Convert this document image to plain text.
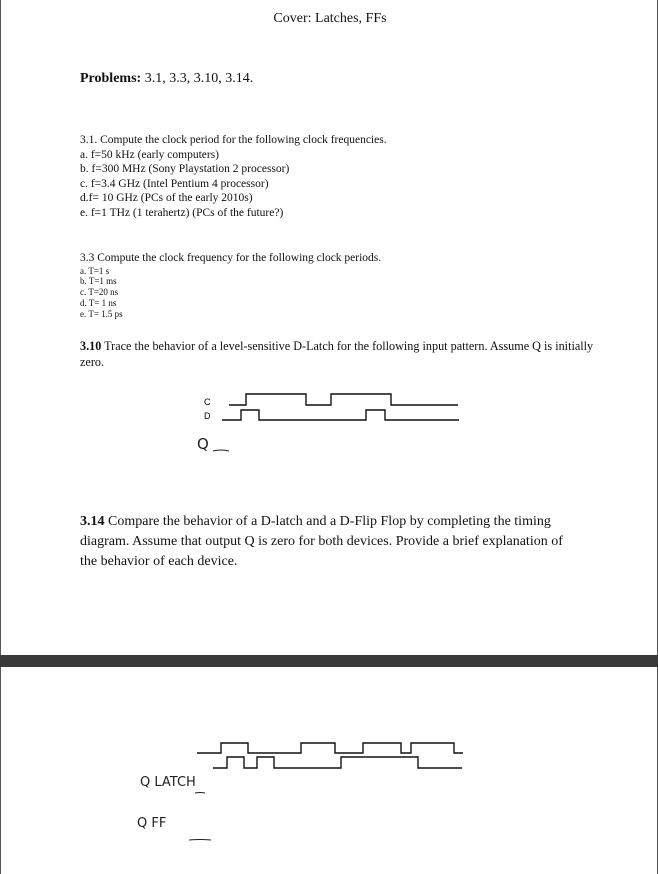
Cover: Latches, FFs
Problems: 3.1, 3.3, 3.10, 3.14.
3.1. Compute the clock period for the following clock frequencies.
a. f=50 kHz (early computers)
b. f=300 MHz (Sony Playstation 2 processor)
c. f=3.4 GHz (Intel Pentium 4 processor)
d.f= 10 GHz (PCs of the early 2010s)
e. f=1 THz (1 terahertz) (PCs of the future?)
3.3 Compute the clock frequency for the following clock periods.
a. T=1 s
b. T=1 ms
c. T=20 ns
d. T= 1 ns
e. T= 1.5 ps
3.10 Trace the behavior of a level-sensitive D-Latch for the following input pattern. Assume Q is initially zero.
C
D
Q
3.14 Compare the behavior of a D-latch and a D-Flip Flop by completing the timing diagram. Assume that output Q is zero for both devices. Provide a brief explanation of the behavior of each device.
Q LATCH
Q FF
